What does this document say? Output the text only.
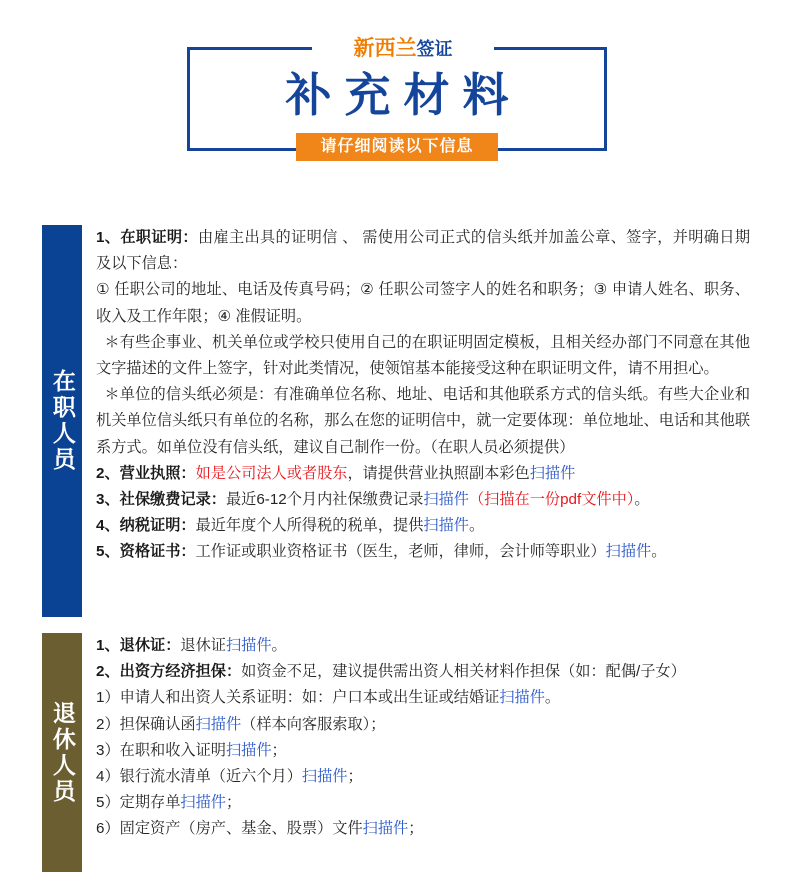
新西兰签证
补充材料
请仔细阅读以下信息
在职人员

1、在职证明：由雇主出具的证明信 、 需使用公司正式的信头纸并加盖公章、签字，并明确日期及以下信息：

① 任职公司的地址、电话及传真号码；② 任职公司签字人的姓名和职务；③ 申请人姓名、职务、收入及工作年限；④ 准假证明。

＊有些企事业、机关单位或学校只使用自己的在职证明固定模板，且相关经办部门不同意在其他文字描述的文件上签字，针对此类情况，使领馆基本能接受这种在职证明文件，请不用担心。

＊单位的信头纸必须是：有准确单位名称、地址、电话和其他联系方式的信头纸。有些大企业和机关单位信头纸只有单位的名称，那么在您的证明信中，就一定要体现：单位地址、电话和其他联系方式。如单位没有信头纸，建议自己制作一份。（在职人员必须提供）

2、营业执照：如是公司法人或者股东，请提供营业执照副本彩色扫描件

3、社保缴费记录：最近6-12个月内社保缴费记录扫描件（扫描在一份pdf文件中）。

4、纳税证明：最近年度个人所得税的税单，提供扫描件。

5、资格证书：工作证或职业资格证书（医生，老师，律师，会计师等职业）扫描件。

退休人员

1、退休证：退休证扫描件。

2、出资方经济担保：如资金不足，建议提供需出资人相关材料作担保（如：配偶/子女）

1）申请人和出资人关系证明：如：户口本或出生证或结婚证扫描件。

2）担保确认函扫描件（样本向客服索取）；

3）在职和收入证明扫描件；

4）银行流水清单（近六个月）扫描件；

5）定期存单扫描件；

6）固定资产（房产、基金、股票）文件扫描件；
